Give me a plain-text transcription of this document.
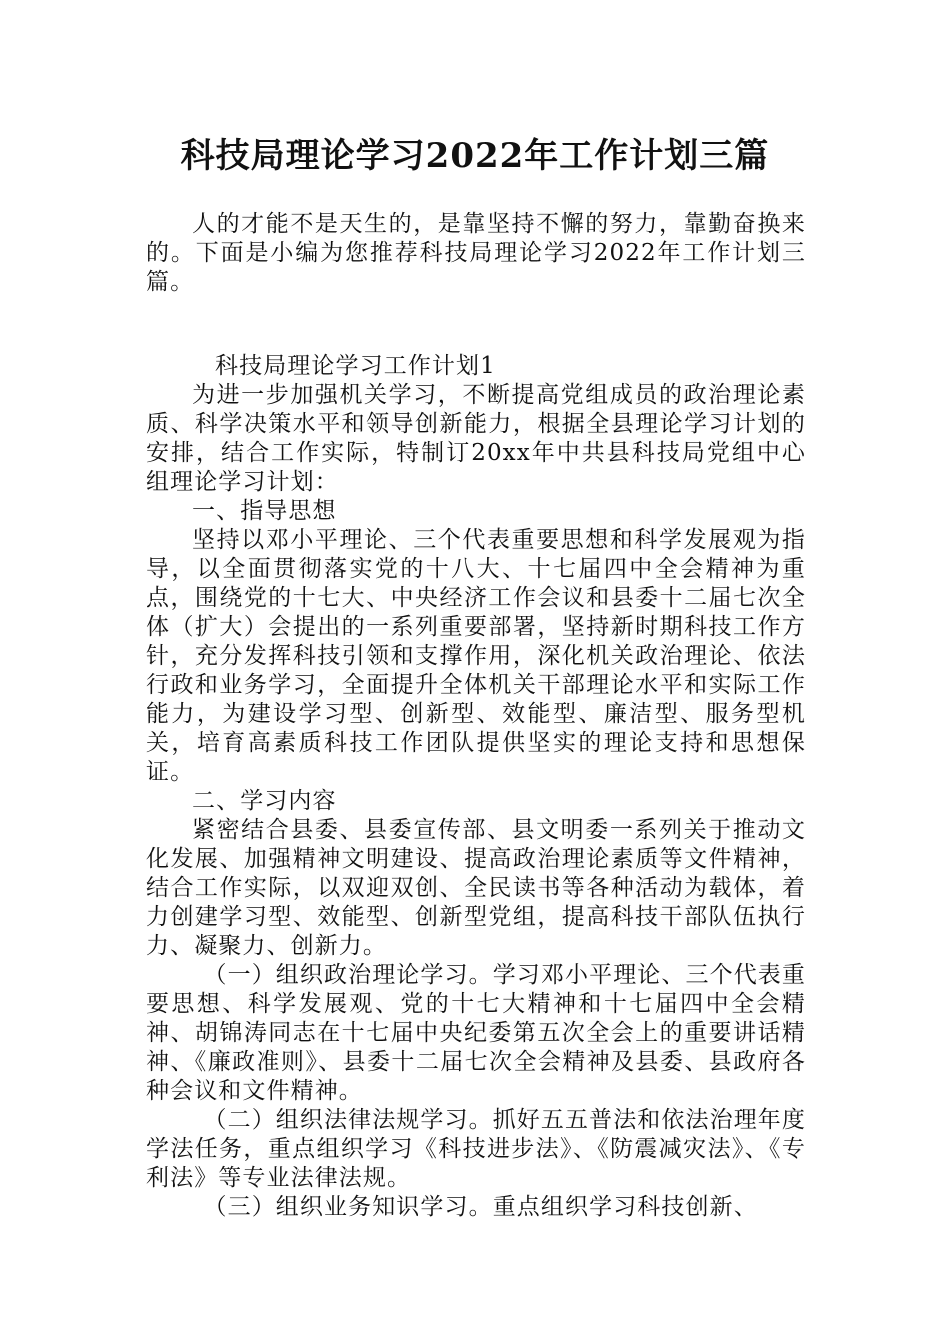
科技局理论学习2022年工作计划三篇

人的才能不是天生的，是靠坚持不懈的努力，靠勤奋换来的。下面是小编为您推荐科技局理论学习2022年工作计划三篇。

科技局理论学习工作计划1

为进一步加强机关学习，不断提高党组成员的政治理论素质、科学决策水平和领导创新能力，根据全县理论学习计划的安排，结合工作实际，特制订20xx年中共县科技局党组中心组理论学习计划：

一、指导思想

坚持以邓小平理论、三个代表重要思想和科学发展观为指导，以全面贯彻落实党的十八大、十七届四中全会精神为重点，围绕党的十七大、中央经济工作会议和县委十二届七次全体（扩大）会提出的一系列重要部署，坚持新时期科技工作方针，充分发挥科技引领和支撑作用，深化机关政治理论、依法行政和业务学习，全面提升全体机关干部理论水平和实际工作能力，为建设学习型、创新型、效能型、廉洁型、服务型机关，培育高素质科技工作团队提供坚实的理论支持和思想保证。

二、学习内容

紧密结合县委、县委宣传部、县文明委一系列关于推动文化发展、加强精神文明建设、提高政治理论素质等文件精神，结合工作实际，以双迎双创、全民读书等各种活动为载体，着力创建学习型、效能型、创新型党组，提高科技干部队伍执行力、凝聚力、创新力。

（一）组织政治理论学习。学习邓小平理论、三个代表重要思想、科学发展观、党的十七大精神和十七届四中全会精神、胡锦涛同志在十七届中央纪委第五次全会上的重要讲话精神、《廉政准则》、县委十二届七次全会精神及县委、县政府各种会议和文件精神。

（二）组织法律法规学习。抓好五五普法和依法治理年度学法任务，重点组织学习《科技进步法》、《防震减灾法》、《专利法》等专业法律法规。

（三）组织业务知识学习。重点组织学习科技创新、
